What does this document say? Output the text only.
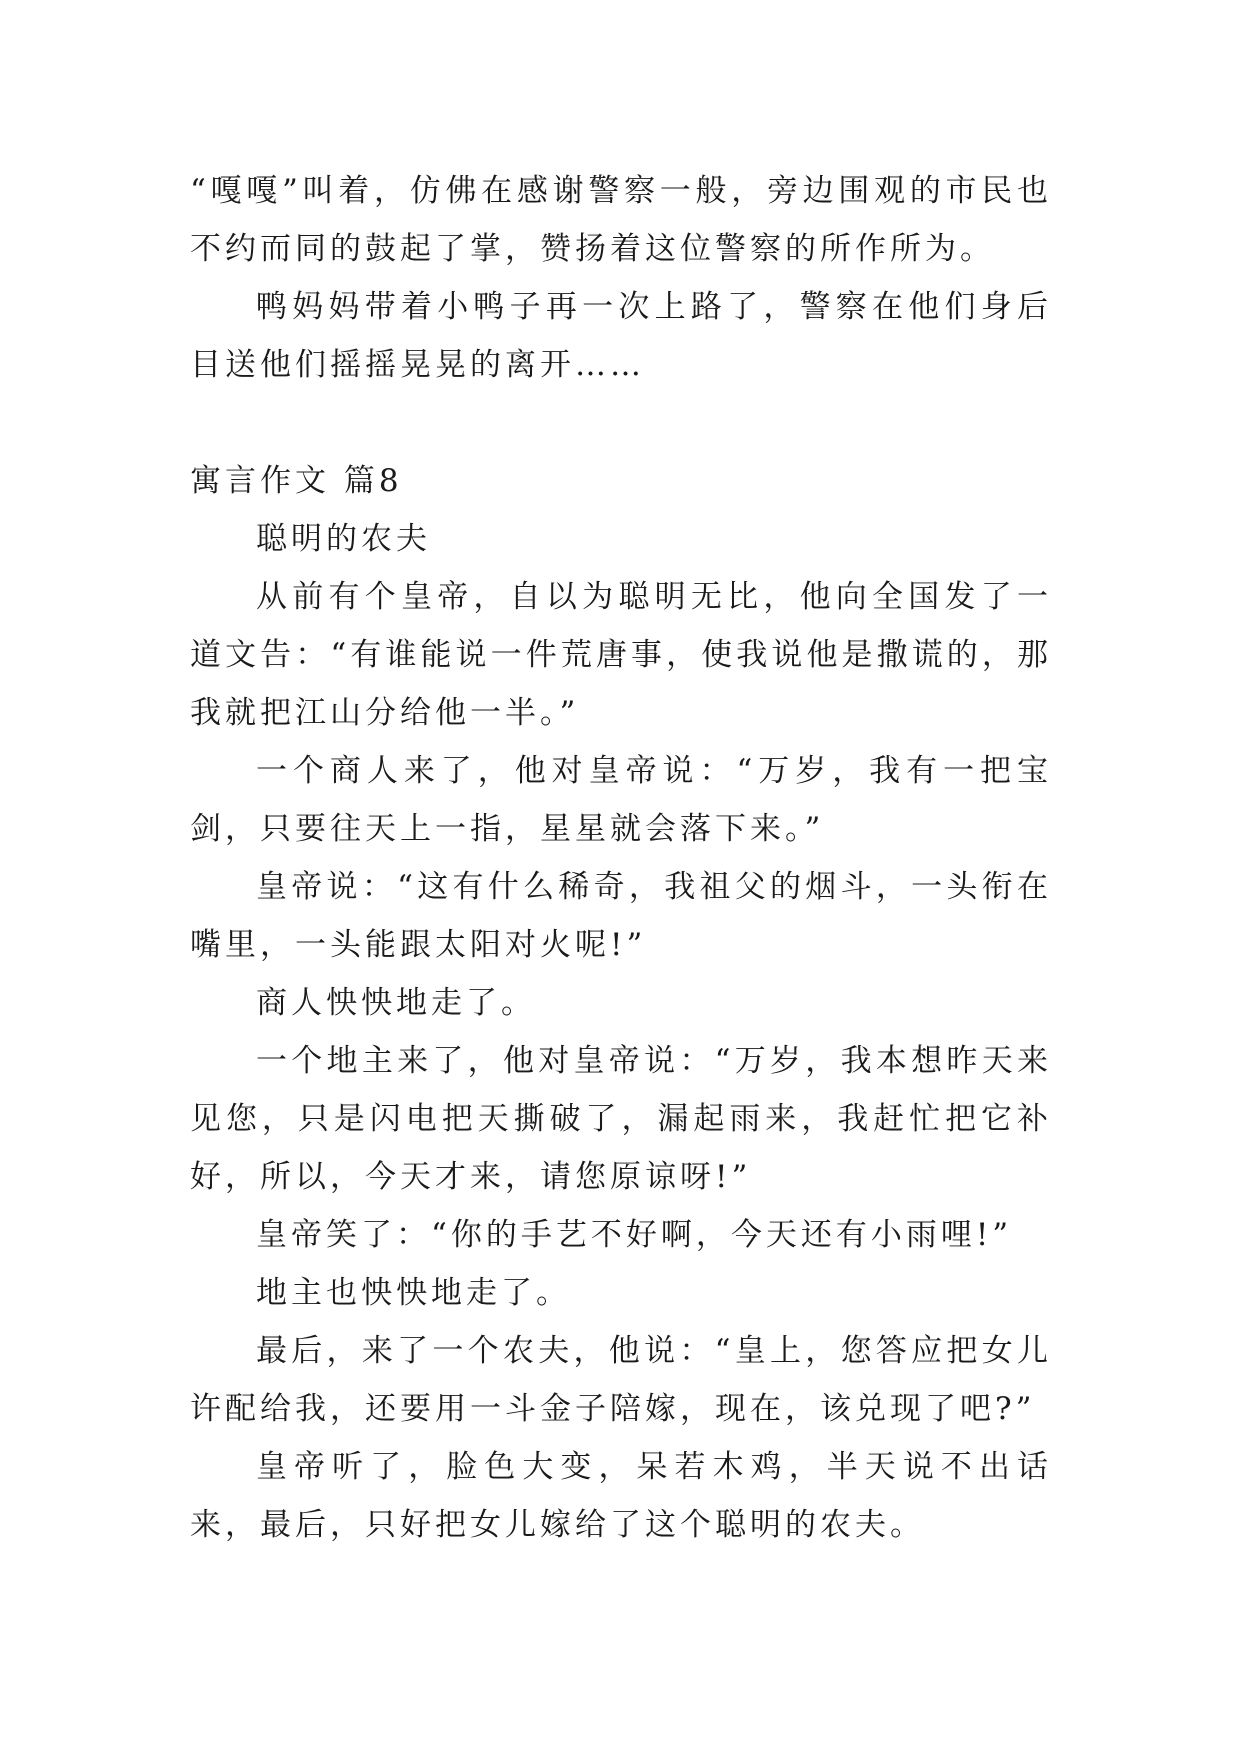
“嘎嘎”叫着，仿佛在感谢警察一般，旁边围观的市民也不约而同的鼓起了掌，赞扬着这位警察的所作所为。

鸭妈妈带着小鸭子再一次上路了，警察在他们身后目送他们摇摇晃晃的离开……

寓言作文 篇8

聪明的农夫

从前有个皇帝，自以为聪明无比，他向全国发了一道文告：“有谁能说一件荒唐事，使我说他是撒谎的，那我就把江山分给他一半。”

一个商人来了，他对皇帝说：“万岁，我有一把宝剑，只要往天上一指，星星就会落下来。”

皇帝说：“这有什么稀奇，我祖父的烟斗，一头衔在嘴里，一头能跟太阳对火呢!”

商人怏怏地走了。

一个地主来了，他对皇帝说：“万岁，我本想昨天来见您，只是闪电把天撕破了，漏起雨来，我赶忙把它补好，所以，今天才来，请您原谅呀!”

皇帝笑了：“你的手艺不好啊，今天还有小雨哩!”

地主也怏怏地走了。

最后，来了一个农夫，他说：“皇上，您答应把女儿许配给我，还要用一斗金子陪嫁，现在，该兑现了吧?”

皇帝听了，脸色大变，呆若木鸡，半天说不出话来，最后，只好把女儿嫁给了这个聪明的农夫。
